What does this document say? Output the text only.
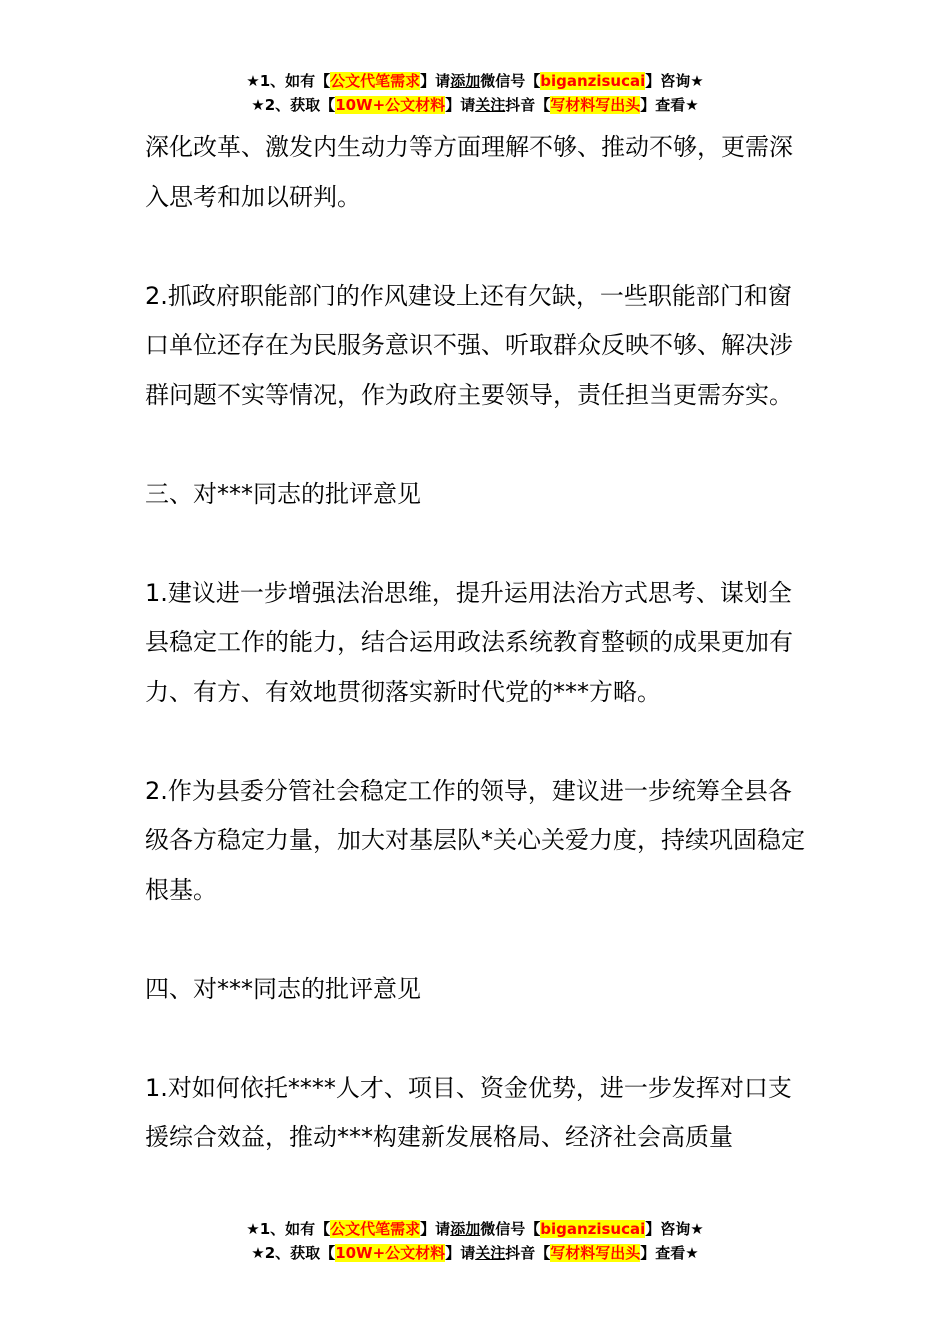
★1、如有【公文代笔需求】请添加微信号【biganzisucai】咨询★
★2、获取【10W+公文材料】请关注抖音【写材料写出头】查看★

深化改革、激发内生动力等方面理解不够、推动不够，更需深入思考和加以研判。

2.抓政府职能部门的作风建设上还有欠缺，一些职能部门和窗口单位还存在为民服务意识不强、听取群众反映不够、解决涉群问题不实等情况，作为政府主要领导，责任担当更需夯实。

三、对***同志的批评意见

1.建议进一步增强法治思维，提升运用法治方式思考、谋划全县稳定工作的能力，结合运用政法系统教育整顿的成果更加有力、有方、有效地贯彻落实新时代党的***方略。

2.作为县委分管社会稳定工作的领导，建议进一步统筹全县各级各方稳定力量，加大对基层队*关心关爱力度，持续巩固稳定根基。

四、对***同志的批评意见

1.对如何依托****人才、项目、资金优势，进一步发挥对口支援综合效益，推动***构建新发展格局、经济社会高质量

★1、如有【公文代笔需求】请添加微信号【biganzisucai】咨询★
★2、获取【10W+公文材料】请关注抖音【写材料写出头】查看★
